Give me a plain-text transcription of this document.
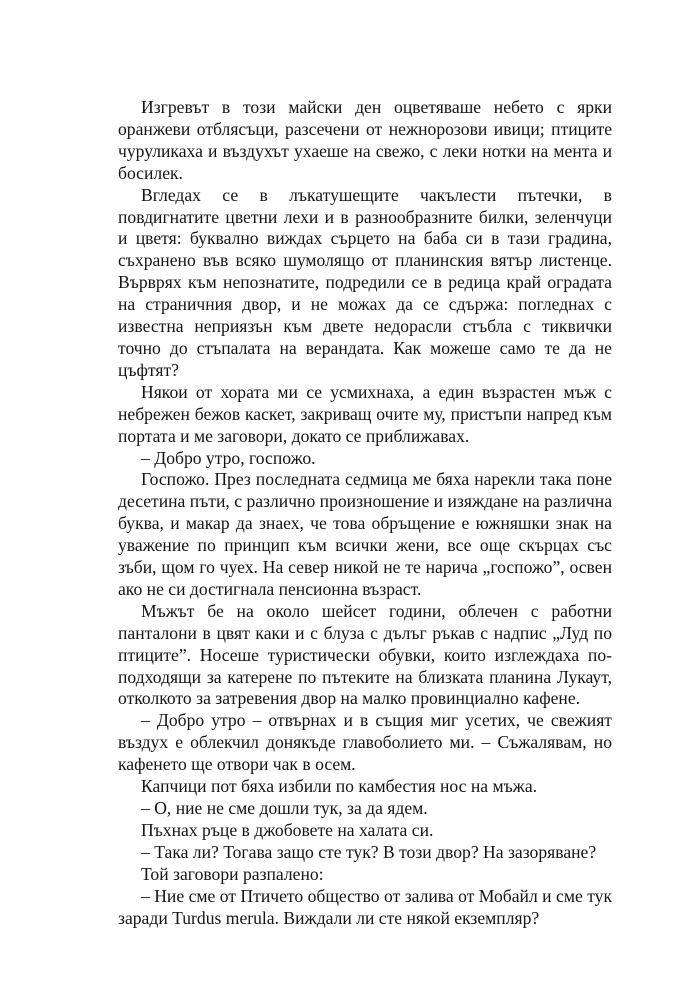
Изгревът в този майски ден оцветяваше небето с ярки оранжеви отблясъци, разсечени от нежнорозови ивици; птиците чуруликаха и въздухът ухаеше на свежо, с леки нотки на мента и босилек.

Вгледах се в лъкатушещите чакълести пътечки, в повдигнатите цветни лехи и в разнообразните билки, зеленчуци и цветя: буквално виждах сърцето на баба си в тази градина, съхранено във всяко шумолящо от планинския вятър листенце. Върврях към непознатите, подредили се в редица край оградата на страничния двор, и не можах да се сдържа: погледнах с известна неприязън към двете недорасли стъбла с тиквички точно до стъпалата на верандата. Как можеше само те да не цъфтят?

Някои от хората ми се усмихнаха, а един възрастен мъж с небрежен бежов каскет, закриващ очите му, пристъпи напред към портата и ме заговори, докато се приближавах.

– Добро утро, госпожо.

Госпожо. През последната седмица ме бяха нарекли така поне десетина пъти, с различно произношение и изяждане на различна буква, и макар да знаех, че това обръщение е южняшки знак на уважение по принцип към всички жени, все още скърцах със зъби, щом го чуех. На север никой не те нарича „госпожо”, освен ако не си достигнала пенсионна възраст.

Мъжът бе на около шейсет години, облечен с работни панталони в цвят каки и с блуза с дълъг ръкав с надпис „Луд по птиците”. Носеше туристически обувки, които изглеждаха по-подходящи за катерене по пътеките на близката планина Лукаут, отколкото за затревения двор на малко провинциално кафене.

– Добро утро – отвърнах и в същия миг усетих, че свежият въздух е облекчил донякъде главоболието ми. – Съжалявам, но кафенето ще отвори чак в осем.

Капчици пот бяха избили по камбестия нос на мъжа.

– О, ние не сме дошли тук, за да ядем.

Пъхнах ръце в джобовете на халата си.

– Така ли? Тогава защо сте тук? В този двор? На зазоряване?

Той заговори разпалено:

– Ние сме от Птичето общество от залива от Мобайл и сме тук заради Turdus merula. Виждали ли сте някой екземпляр?
